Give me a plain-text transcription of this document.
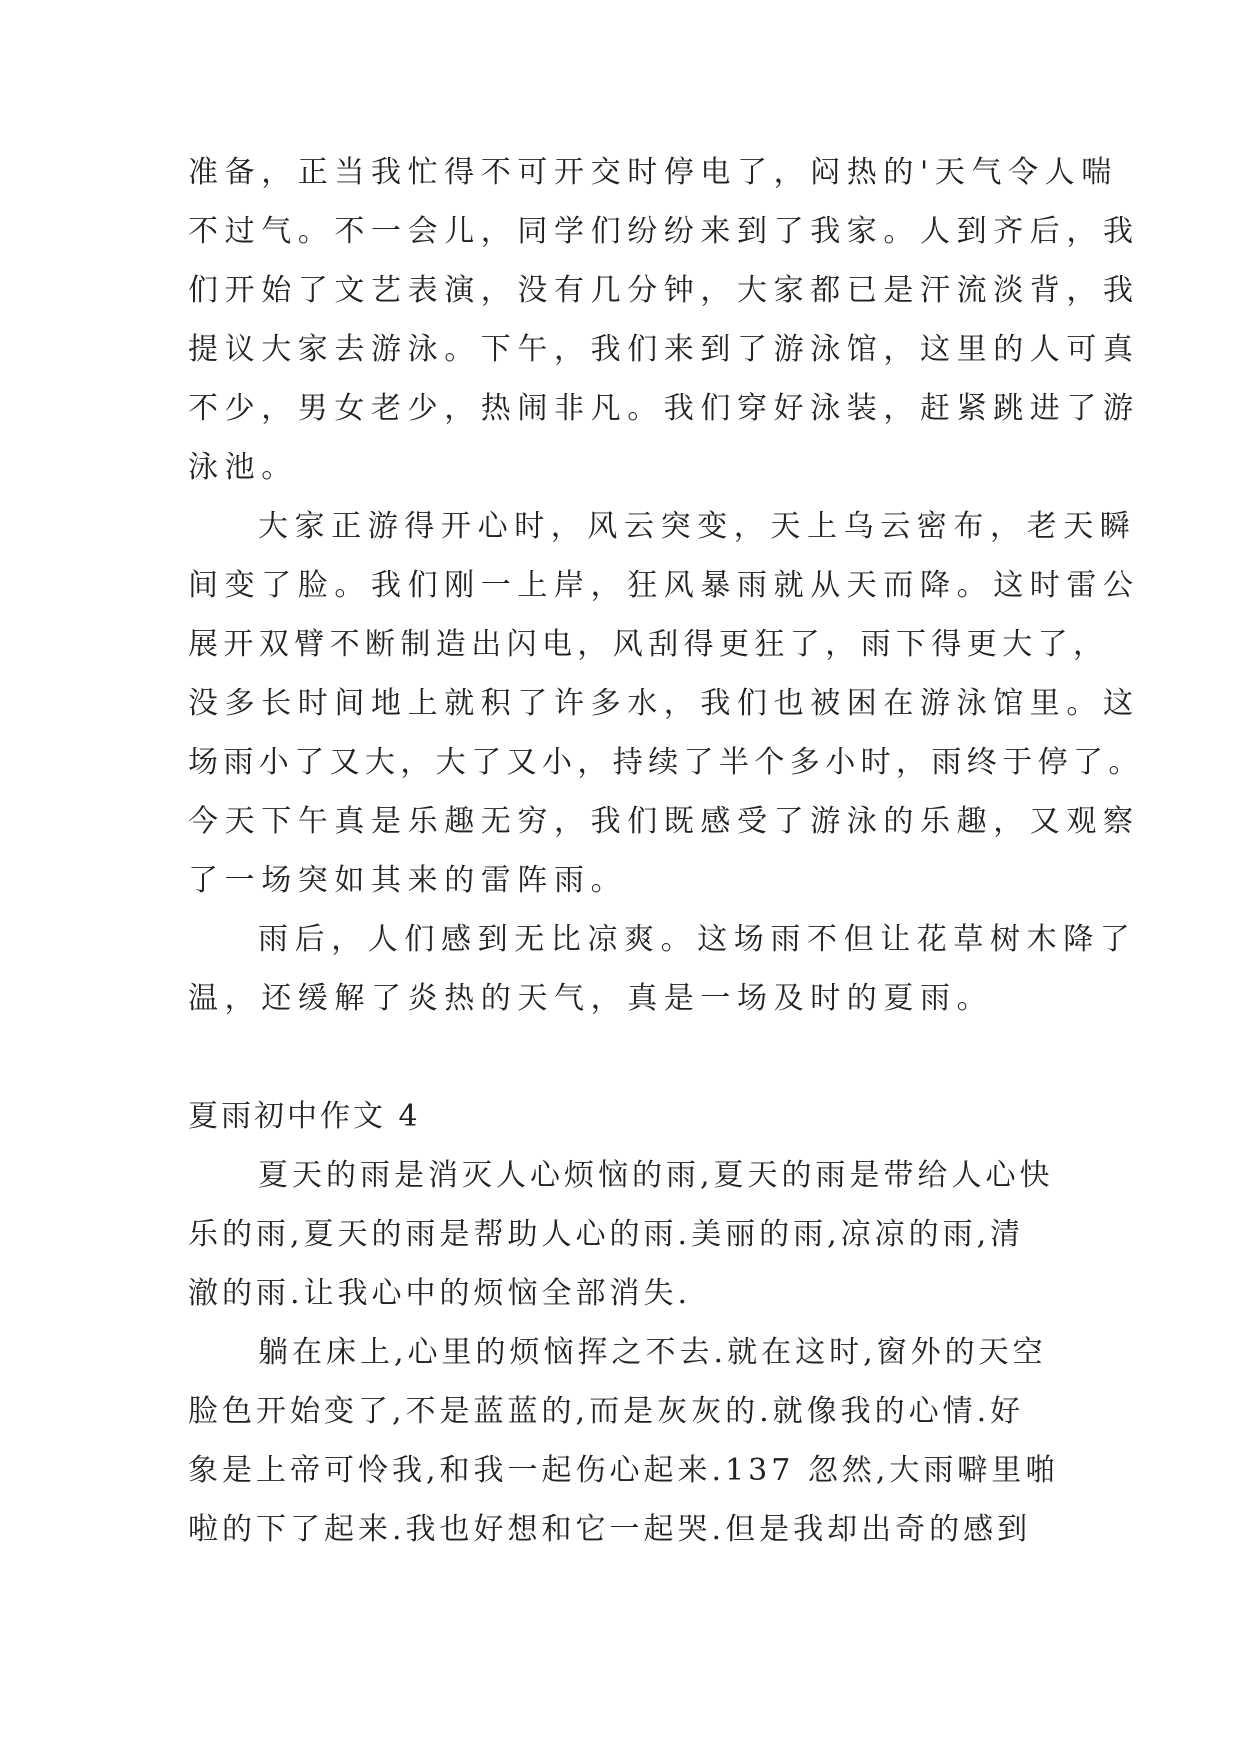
准备，正当我忙得不可开交时停电了，闷热的'天气令人喘
不过气。不一会儿，同学们纷纷来到了我家。人到齐后，我
们开始了文艺表演，没有几分钟，大家都已是汗流淡背，我
提议大家去游泳。下午，我们来到了游泳馆，这里的人可真
不少，男女老少，热闹非凡。我们穿好泳装，赶紧跳进了游
泳池。
大家正游得开心时，风云突变，天上乌云密布，老天瞬
间变了脸。我们刚一上岸，狂风暴雨就从天而降。这时雷公
展开双臂不断制造出闪电，风刮得更狂了，雨下得更大了，
没多长时间地上就积了许多水，我们也被困在游泳馆里。这
场雨小了又大，大了又小，持续了半个多小时，雨终于停了。
今天下午真是乐趣无穷，我们既感受了游泳的乐趣，又观察
了一场突如其来的雷阵雨。
雨后，人们感到无比凉爽。这场雨不但让花草树木降了
温，还缓解了炎热的天气，真是一场及时的夏雨。
夏雨初中作文 4
夏天的雨是消灭人心烦恼的雨,夏天的雨是带给人心快
乐的雨,夏天的雨是帮助人心的雨.美丽的雨,凉凉的雨,清
澈的雨.让我心中的烦恼全部消失.
躺在床上,心里的烦恼挥之不去.就在这时,窗外的天空
脸色开始变了,不是蓝蓝的,而是灰灰的.就像我的心情.好
象是上帝可怜我,和我一起伤心起来.137 忽然,大雨噼里啪
啦的下了起来.我也好想和它一起哭.但是我却出奇的感到
